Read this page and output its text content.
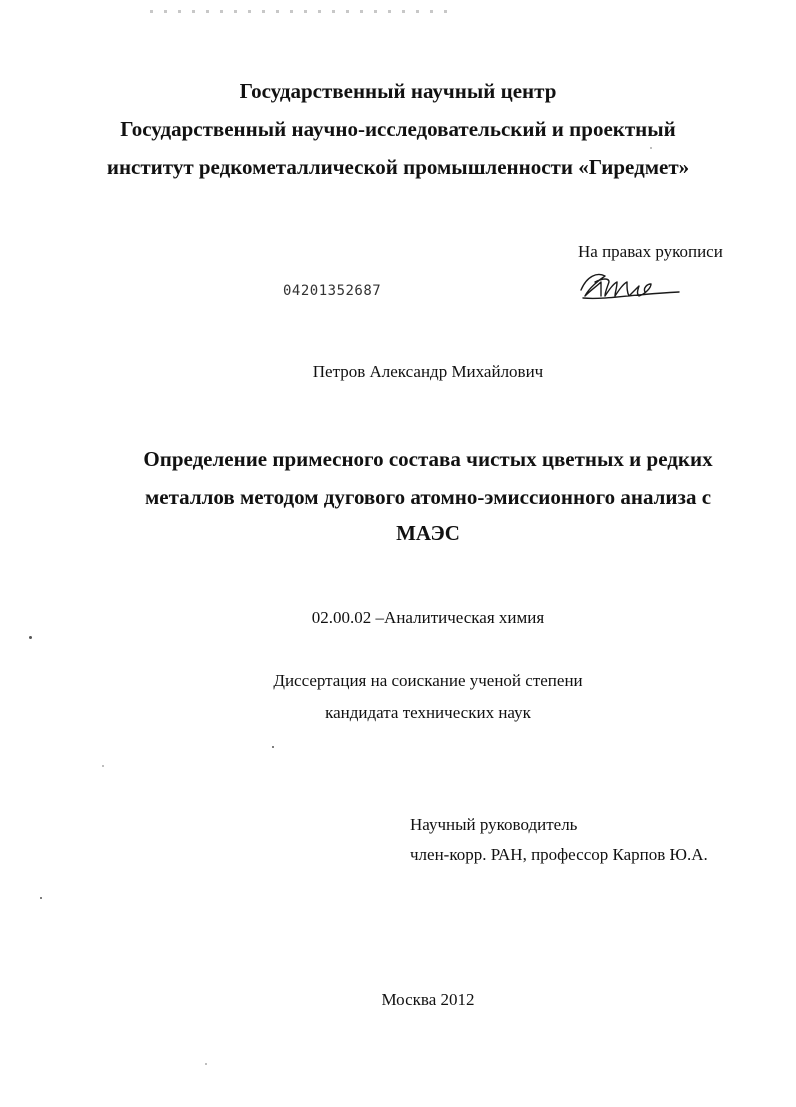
Государственный научный центр
Государственный научно-исследовательский и проектный
институт редкометаллической промышленности «Гиредмет»
На правах рукописи
04201352687
Петров Александр Михайлович
Определение примесного состава чистых цветных и редких
металлов методом дугового атомно-эмиссионного анализа с
МАЭС
02.00.02 –Аналитическая химия
Диссертация на соискание ученой степени
кандидата технических наук
Научный руководитель
член-корр. РАН, профессор Карпов Ю.А.
Москва 2012
